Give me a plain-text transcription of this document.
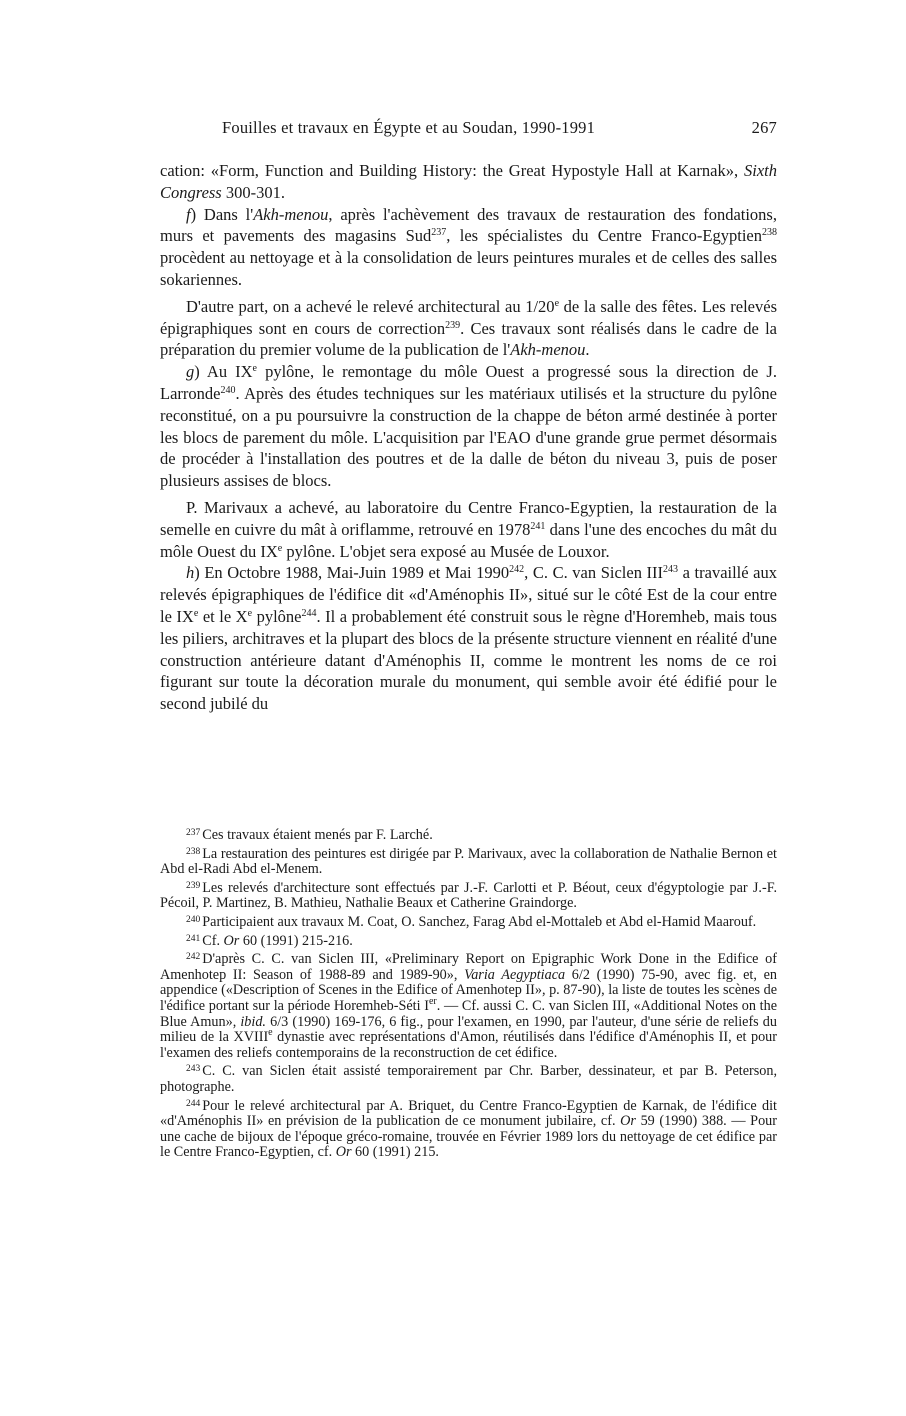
Fouilles et travaux en Égypte et au Soudan, 1990-1991	267

cation: «Form, Function and Building History: the Great Hypostyle Hall at Karnak», Sixth Congress 300-301.

f) Dans l'Akh-menou, après l'achèvement des travaux de restauration des fondations, murs et pavements des magasins Sud$^{237}$, les spécialistes du Centre Franco-Egyptien$^{238}$ procèdent au nettoyage et à la consolidation de leurs peintures murales et de celles des salles sokariennes.

D'autre part, on a achevé le relevé architectural au 1/20e de la salle des fêtes. Les relevés épigraphiques sont en cours de correction$^{239}$. Ces travaux sont réalisés dans le cadre de la préparation du premier volume de la publication de l'Akh-menou.

g) Au IXe pylône, le remontage du môle Ouest a progressé sous la direction de J. Larronde$^{240}$. Après des études techniques sur les matériaux utilisés et la structure du pylône reconstitué, on a pu poursuivre la construction de la chappe de béton armé destinée à porter les blocs de parement du môle. L'acquisition par l'EAO d'une grande grue permet désormais de procéder à l'installation des poutres et de la dalle de béton du niveau 3, puis de poser plusieurs assises de blocs.

P. Marivaux a achevé, au laboratoire du Centre Franco-Egyptien, la restauration de la semelle en cuivre du mât à oriflamme, retrouvé en 1978$^{241}$ dans l'une des encoches du mât du môle Ouest du IXe pylône. L'objet sera exposé au Musée de Louxor.

h) En Octobre 1988, Mai-Juin 1989 et Mai 1990$^{242}$, C. C. van Siclen III$^{243}$ a travaillé aux relevés épigraphiques de l'édifice dit «d'Aménophis II», situé sur le côté Est de la cour entre le IXe et le Xe pylône$^{244}$. Il a probablement été construit sous le règne d'Horemheb, mais tous les piliers, architraves et la plupart des blocs de la présente structure viennent en réalité d'une construction antérieure datant d'Aménophis II, comme le montrent les noms de ce roi figurant sur toute la décoration murale du monument, qui semble avoir été édifié pour le second jubilé du

$^{237}$ Ces travaux étaient menés par F. Larché.

$^{238}$ La restauration des peintures est dirigée par P. Marivaux, avec la collaboration de Nathalie Bernon et Abd el-Radi Abd el-Menem.

$^{239}$ Les relevés d'architecture sont effectués par J.-F. Carlotti et P. Béout, ceux d'égyptologie par J.-F. Pécoil, P. Martinez, B. Mathieu, Nathalie Beaux et Catherine Graindorge.

$^{240}$ Participaient aux travaux M. Coat, O. Sanchez, Farag Abd el-Mottaleb et Abd el-Hamid Maarouf.

$^{241}$ Cf. Or 60 (1991) 215-216.

$^{242}$ D'après C. C. van Siclen III, «Preliminary Report on Epigraphic Work Done in the Edifice of Amenhotep II: Season of 1988-89 and 1989-90», Varia Aegyptiaca 6/2 (1990) 75-90, avec fig. et, en appendice («Description of Scenes in the Edifice of Amenhotep II», p. 87-90), la liste de toutes les scènes de l'édifice portant sur la période Horemheb-Séti Ier. — Cf. aussi C. C. van Siclen III, «Additional Notes on the Blue Amun», ibid. 6/3 (1990) 169-176, 6 fig., pour l'examen, en 1990, par l'auteur, d'une série de reliefs du milieu de la XVIIIe dynastie avec représentations d'Amon, réutilisés dans l'édifice d'Aménophis II, et pour l'examen des reliefs contemporains de la reconstruction de cet édifice.

$^{243}$ C. C. van Siclen était assisté temporairement par Chr. Barber, dessinateur, et par B. Peterson, photographe.

$^{244}$ Pour le relevé architectural par A. Briquet, du Centre Franco-Egyptien de Karnak, de l'édifice dit «d'Aménophis II» en prévision de la publication de ce monument jubilaire, cf. Or 59 (1990) 388. — Pour une cache de bijoux de l'époque gréco-romaine, trouvée en Février 1989 lors du nettoyage de cet édifice par le Centre Franco-Egyptien, cf. Or 60 (1991) 215.
